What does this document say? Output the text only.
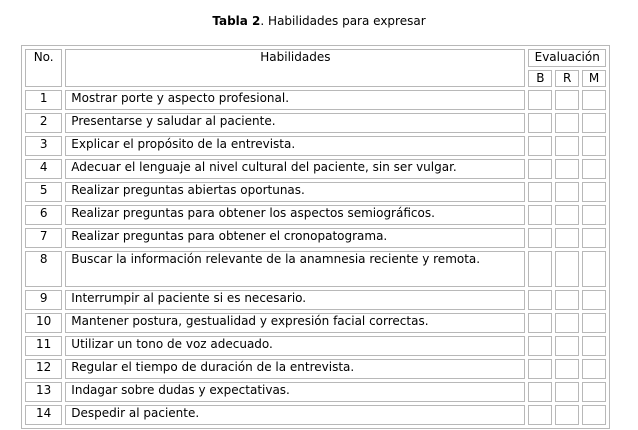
Tabla 2. Habilidades para expresar
No.	Habilidades	Evaluación		
		B	R	M
1	Mostrar porte y aspecto profesional.			
2	Presentarse y saludar al paciente.			
3	Explicar el propósito de la entrevista.			
4	Adecuar el lenguaje al nivel cultural del paciente, sin ser vulgar.			
5	Realizar preguntas abiertas oportunas.			
6	Realizar preguntas para obtener los aspectos semiográficos.			
7	Realizar preguntas para obtener el cronopatograma.			
8	Buscar la información relevante de la anamnesia reciente y remota.			
9	Interrumpir al paciente si es necesario.			
10	Mantener postura, gestualidad y expresión facial correctas.			
11	Utilizar un tono de voz adecuado.			
12	Regular el tiempo de duración de la entrevista.			
13	Indagar sobre dudas y expectativas.			
14	Despedir al paciente.			
